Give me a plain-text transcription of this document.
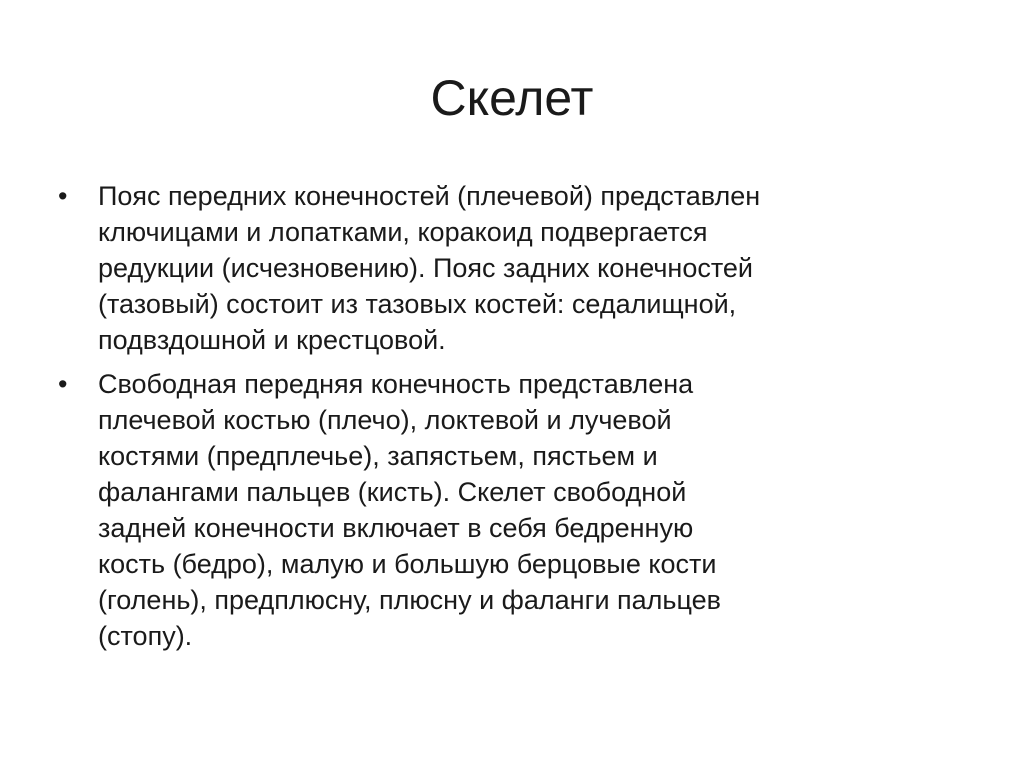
Скелет
•	Пояс передних конечностей (плечевой) представлен
ключицами и лопатками, коракоид подвергается
редукции (исчезновению). Пояс задних конечностей
(тазовый) состоит из тазовых костей: седалищной,
подвздошной и крестцовой.
•	Свободная передняя конечность представлена
плечевой костью (плечо), локтевой и лучевой
костями (предплечье), запястьем, пястьем и
фалангами пальцев (кисть). Скелет свободной
задней конечности включает в себя бедренную
кость (бедро), малую и большую берцовые кости
(голень), предплюсну, плюсну и фаланги пальцев
(стопу).
